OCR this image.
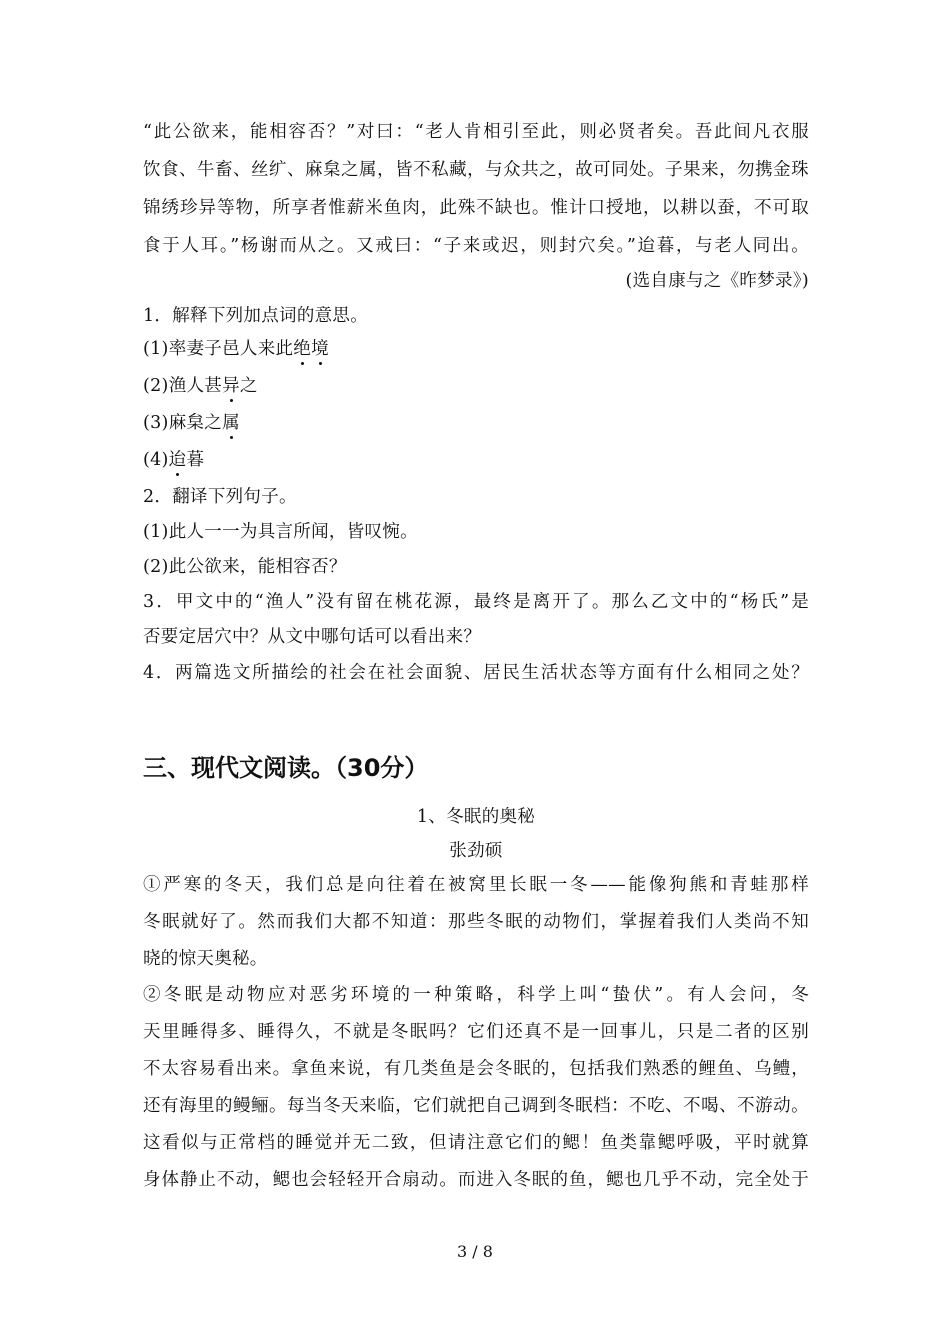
“此公欲来，能相容否？”对曰：“老人肯相引至此，则必贤者矣。吾此间凡衣服
饮食、牛畜、丝纩、麻枲之属，皆不私藏，与众共之，故可同处。子果来，勿携金珠
锦绣珍异等物，所享者惟薪米鱼肉，此殊不缺也。惟计口授地，以耕以蚕，不可取
食于人耳。”杨谢而从之。又戒曰：“子来或迟，则封穴矣。”迨暮，与老人同出。
(选自康与之《昨梦录》)
1．解释下列加点词的意思。
(1)率妻子邑人来此绝境
(2)渔人甚异之
(3)麻枲之属
(4)迨暮
2．翻译下列句子。
(1)此人一一为具言所闻，皆叹惋。
(2)此公欲来，能相容否？
3．甲文中的“渔人”没有留在桃花源，最终是离开了。那么乙文中的“杨氏”是
否要定居穴中？从文中哪句话可以看出来？
4．两篇选文所描绘的社会在社会面貌、居民生活状态等方面有什么相同之处？
三、现代文阅读。（30分）
1、冬眠的奥秘
张劲硕
①严寒的冬天，我们总是向往着在被窝里长眠一冬——能像狗熊和青蛙那样
冬眠就好了。然而我们大都不知道：那些冬眠的动物们，掌握着我们人类尚不知
晓的惊天奥秘。
②冬眠是动物应对恶劣环境的一种策略，科学上叫“蛰伏”。有人会问，冬
天里睡得多、睡得久，不就是冬眠吗？它们还真不是一回事儿，只是二者的区别
不太容易看出来。拿鱼来说，有几类鱼是会冬眠的，包括我们熟悉的鲤鱼、乌鳢，
还有海里的鳗鲡。每当冬天来临，它们就把自己调到冬眠档：不吃、不喝、不游动。
这看似与正常档的睡觉并无二致，但请注意它们的鳃！鱼类靠鳃呼吸，平时就算
身体静止不动，鳃也会轻轻开合扇动。而进入冬眠的鱼，鳃也几乎不动，完全处于
3 / 8
